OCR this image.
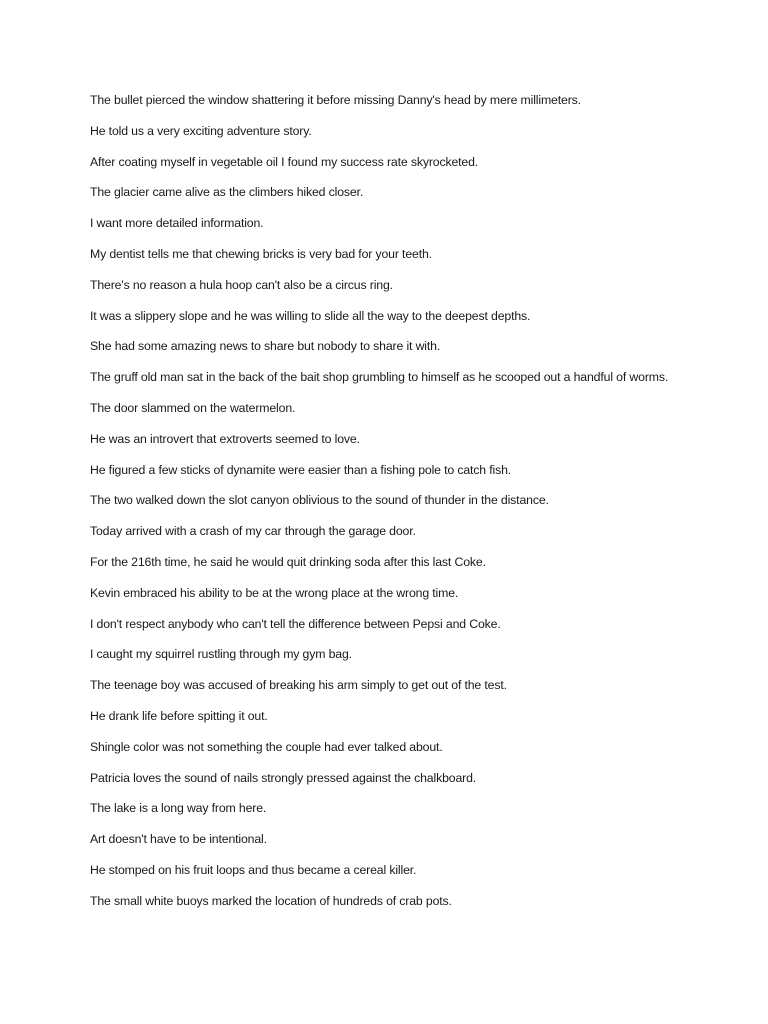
The bullet pierced the window shattering it before missing Danny's head by mere millimeters.

He told us a very exciting adventure story.

After coating myself in vegetable oil I found my success rate skyrocketed.

The glacier came alive as the climbers hiked closer.

I want more detailed information.

My dentist tells me that chewing bricks is very bad for your teeth.

There's no reason a hula hoop can't also be a circus ring.

It was a slippery slope and he was willing to slide all the way to the deepest depths.

She had some amazing news to share but nobody to share it with.

The gruff old man sat in the back of the bait shop grumbling to himself as he scooped out a handful of worms.

The door slammed on the watermelon.

He was an introvert that extroverts seemed to love.

He figured a few sticks of dynamite were easier than a fishing pole to catch fish.

The two walked down the slot canyon oblivious to the sound of thunder in the distance.

Today arrived with a crash of my car through the garage door.

For the 216th time, he said he would quit drinking soda after this last Coke.

Kevin embraced his ability to be at the wrong place at the wrong time.

I don't respect anybody who can't tell the difference between Pepsi and Coke.

I caught my squirrel rustling through my gym bag.

The teenage boy was accused of breaking his arm simply to get out of the test.

He drank life before spitting it out.

Shingle color was not something the couple had ever talked about.

Patricia loves the sound of nails strongly pressed against the chalkboard.

The lake is a long way from here.

Art doesn't have to be intentional.

He stomped on his fruit loops and thus became a cereal killer.

The small white buoys marked the location of hundreds of crab pots.
